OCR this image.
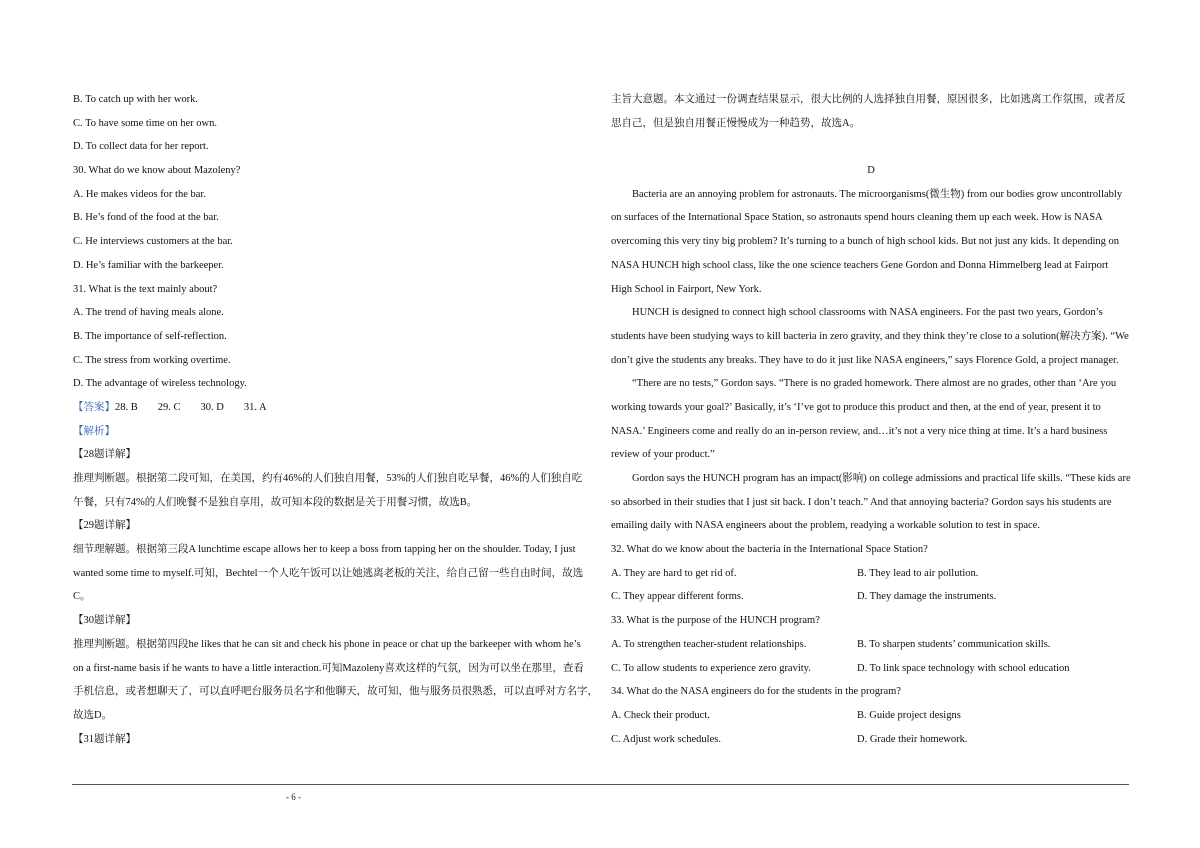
B. To catch up with her work.
C. To have some time on her own.
D. To collect data for her report.
30. What do we know about Mazoleny?
A. He makes videos for the bar.
B. He’s fond of the food at the bar.
C. He interviews customers at the bar.
D. He’s familiar with the barkeeper.
31. What is the text mainly about?
A. The trend of having meals alone.
B. The importance of self-reflection.
C. The stress from working overtime.
D. The advantage of wireless technology.
【答案】28. B 29. C 30. D 31. A
【解析】
【28题详解】
推理判断题。根据第二段可知，在美国，约有46%的人们独自用餐，53%的人们独自吃早餐，46%的人们独自吃
午餐，只有74%的人们晚餐不是独自享用，故可知本段的数据是关于用餐习惯，故选B。
【29题详解】
细节理解题。根据第三段A lunchtime escape allows her to keep a boss from tapping her on the shoulder. Today, I just
wanted some time to myself.可知，Bechtel一个人吃午饭可以让她逃离老板的关注，给自己留一些自由时间，故选
C。
【30题详解】
推理判断题。根据第四段he likes that he can sit and check his phone in peace or chat up the barkeeper with whom he’s
on a first-name basis if he wants to have a little interaction.可知Mazoleny喜欢这样的气氛，因为可以坐在那里，查看
手机信息，或者想聊天了，可以直呼吧台服务员名字和他聊天，故可知，他与服务员很熟悉，可以直呼对方名字，
故选D。
【31题详解】
主旨大意题。本文通过一份调查结果显示，很大比例的人选择独自用餐，原因很多，比如逃离工作氛围，或者反
思自己，但是独自用餐正慢慢成为一种趋势，故选A。
D
Bacteria are an annoying problem for astronauts. The microorganisms(微生物) from our bodies grow uncontrollably
on surfaces of the International Space Station, so astronauts spend hours cleaning them up each week. How is NASA
overcoming this very tiny big problem? It’s turning to a bunch of high school kids. But not just any kids. It depending on
NASA HUNCH high school class, like the one science teachers Gene Gordon and Donna Himmelberg lead at Fairport
High School in Fairport, New York.
HUNCH is designed to connect high school classrooms with NASA engineers. For the past two years, Gordon’s
students have been studying ways to kill bacteria in zero gravity, and they think they’re close to a solution(解决方案). “We
don’t give the students any breaks. They have to do it just like NASA engineers,” says Florence Gold, a project manager.
“There are no tests,” Gordon says. “There is no graded homework. There almost are no grades, other than ‘Are you
working towards your goal?’ Basically, it’s ‘I’ve got to produce this product and then, at the end of year, present it to
NASA.’ Engineers come and really do an in-person review, and…it’s not a very nice thing at time. It’s a hard business
review of your product.”
Gordon says the HUNCH program has an impact(影响) on college admissions and practical life skills. “These kids are
so absorbed in their studies that I just sit back. I don’t teach.” And that annoying bacteria? Gordon says his students are
emailing daily with NASA engineers about the problem, readying a workable solution to test in space.
32. What do we know about the bacteria in the International Space Station?
A. They are hard to get rid of.	B. They lead to air pollution.
C. They appear different forms.	D. They damage the instruments.
33. What is the purpose of the HUNCH program?
A. To strengthen teacher-student relationships.	B. To sharpen students’ communication skills.
C. To allow students to experience zero gravity.	D. To link space technology with school education
34. What do the NASA engineers do for the students in the program?
A. Check their product.	B. Guide project designs
C. Adjust work schedules.	D. Grade their homework.
- 6 -
